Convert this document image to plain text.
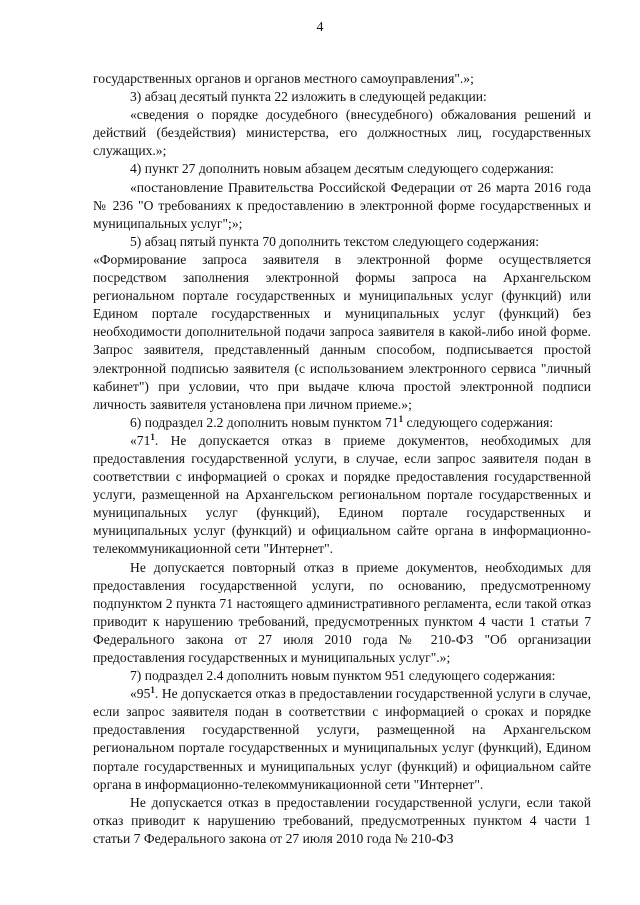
4

государственных органов и органов местного самоуправления".»;

3) абзац десятый пункта 22 изложить в следующей редакции:

«сведения о порядке досудебного (внесудебного) обжалования решений и действий (бездействия) министерства, его должностных лиц, государственных служащих.»;

4) пункт 27 дополнить новым абзацем десятым следующего содержания:

«постановление Правительства Российской Федерации от 26 марта 2016 года № 236 "О требованиях к предоставлению в электронной форме государственных и муниципальных услуг";»;

5) абзац пятый пункта 70 дополнить текстом следующего содержания:

«Формирование запроса заявителя в электронной форме осуществляется посредством заполнения электронной формы запроса на Архангельском региональном портале государственных и муниципальных услуг (функций) или Едином портале государственных и муниципальных услуг (функций) без необходимости дополнительной подачи запроса заявителя в какой-либо иной форме. Запрос заявителя, представленный данным способом, подписывается простой электронной подписью заявителя (с использованием электронного сервиса "личный кабинет") при условии, что при выдаче ключа простой электронной подписи личность заявителя установлена при личном приеме.»;

6) подраздел 2.2 дополнить новым пунктом $71^1$ следующего содержания:

«$71^1$. Не допускается отказ в приеме документов, необходимых для предоставления государственной услуги, в случае, если запрос заявителя подан в соответствии с информацией о сроках и порядке предоставления государственной услуги, размещенной на Архангельском региональном портале государственных и муниципальных услуг (функций), Едином портале государственных и муниципальных услуг (функций) и официальном сайте органа в информационно-телекоммуникационной сети "Интернет".

Не допускается повторный отказ в приеме документов, необходимых для предоставления государственной услуги, по основанию, предусмотренному подпунктом 2 пункта 71 настоящего административного регламента, если такой отказ приводит к нарушению требований, предусмотренных пунктом 4 части 1 статьи 7 Федерального закона от 27 июля 2010 года № 210-ФЗ "Об организации предоставления государственных и муниципальных услуг".»;

7) подраздел 2.4 дополнить новым пунктом 951 следующего содержания:

«$95^1$. Не допускается отказ в предоставлении государственной услуги в случае, если запрос заявителя подан в соответствии с информацией о сроках и порядке предоставления государственной услуги, размещенной на Архангельском региональном портале государственных и муниципальных услуг (функций), Едином портале государственных и муниципальных услуг (функций) и официальном сайте органа в информационно-телекоммуникационной сети "Интернет".

Не допускается отказ в предоставлении государственной услуги, если такой отказ приводит к нарушению требований, предусмотренных пунктом 4 части 1 статьи 7 Федерального закона от 27 июля 2010 года № 210-ФЗ
